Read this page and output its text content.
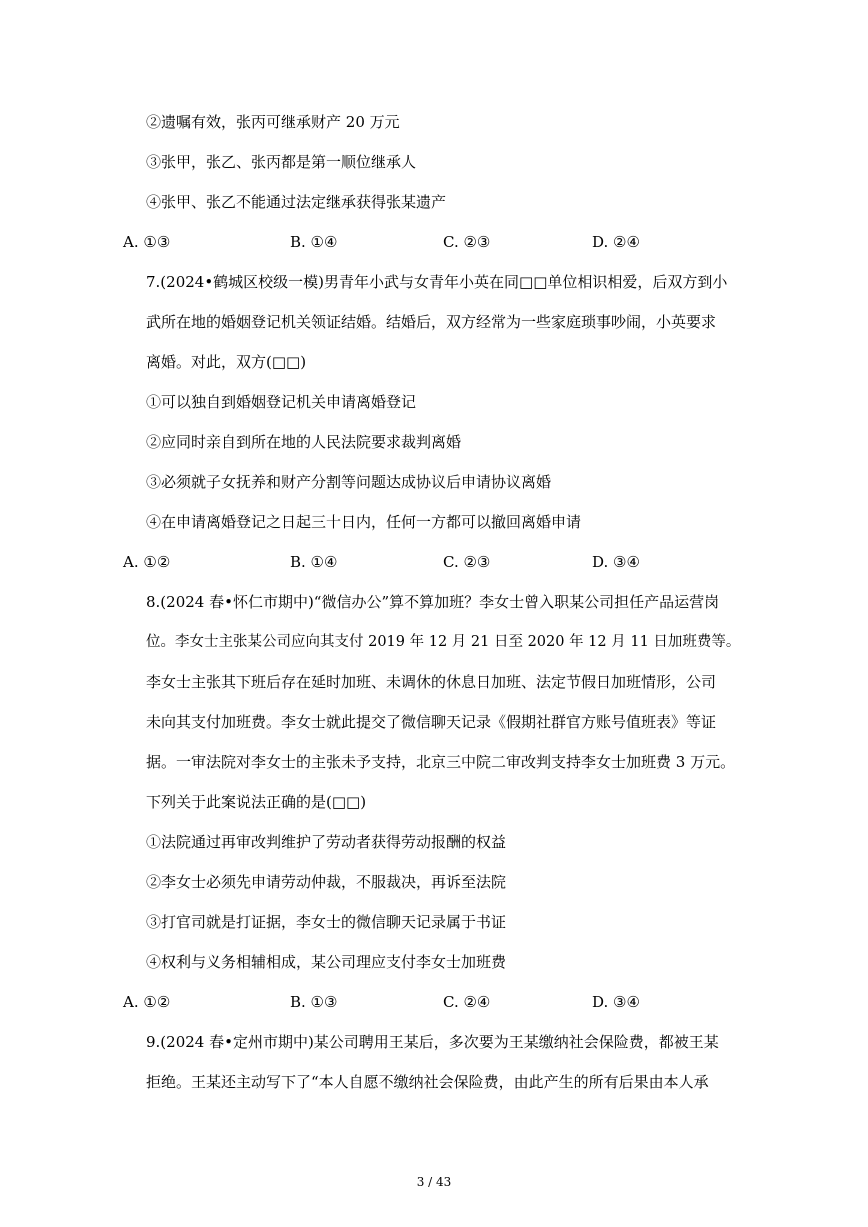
②遗嘱有效，张丙可继承财产 20 万元
③张甲，张乙、张丙都是第一顺位继承人
④张甲、张乙不能通过法定继承获得张某遗产
A. ①③	B. ①④	C. ②③	D. ②④
7.(2024•鹤城区校级一模)男青年小武与女青年小英在同□□单位相识相爱，后双方到小
武所在地的婚姻登记机关领证结婚。结婚后，双方经常为一些家庭琐事吵闹，小英要求
离婚。对此，双方(□□)
①可以独自到婚姻登记机关申请离婚登记
②应同时亲自到所在地的人民法院要求裁判离婚
③必须就子女抚养和财产分割等问题达成协议后申请协议离婚
④在申请离婚登记之日起三十日内，任何一方都可以撤回离婚申请
A. ①②	B. ①④	C. ②③	D. ③④
8.(2024 春•怀仁市期中)“微信办公”算不算加班？李女士曾入职某公司担任产品运营岗
位。李女士主张某公司应向其支付 2019 年 12 月 21 日至 2020 年 12 月 11 日加班费等。
李女士主张其下班后存在延时加班、未调休的休息日加班、法定节假日加班情形，公司
未向其支付加班费。李女士就此提交了微信聊天记录《假期社群官方账号值班表》等证
据。一审法院对李女士的主张未予支持，北京三中院二审改判支持李女士加班费 3 万元。
下列关于此案说法正确的是(□□)
①法院通过再审改判维护了劳动者获得劳动报酬的权益
②李女士必须先申请劳动仲裁，不服裁决，再诉至法院
③打官司就是打证据，李女士的微信聊天记录属于书证
④权利与义务相辅相成，某公司理应支付李女士加班费
A. ①②	B. ①③	C. ②④	D. ③④
9.(2024 春•定州市期中)某公司聘用王某后，多次要为王某缴纳社会保险费，都被王某
拒绝。王某还主动写下了“本人自愿不缴纳社会保险费，由此产生的所有后果由本人承
3 / 43
